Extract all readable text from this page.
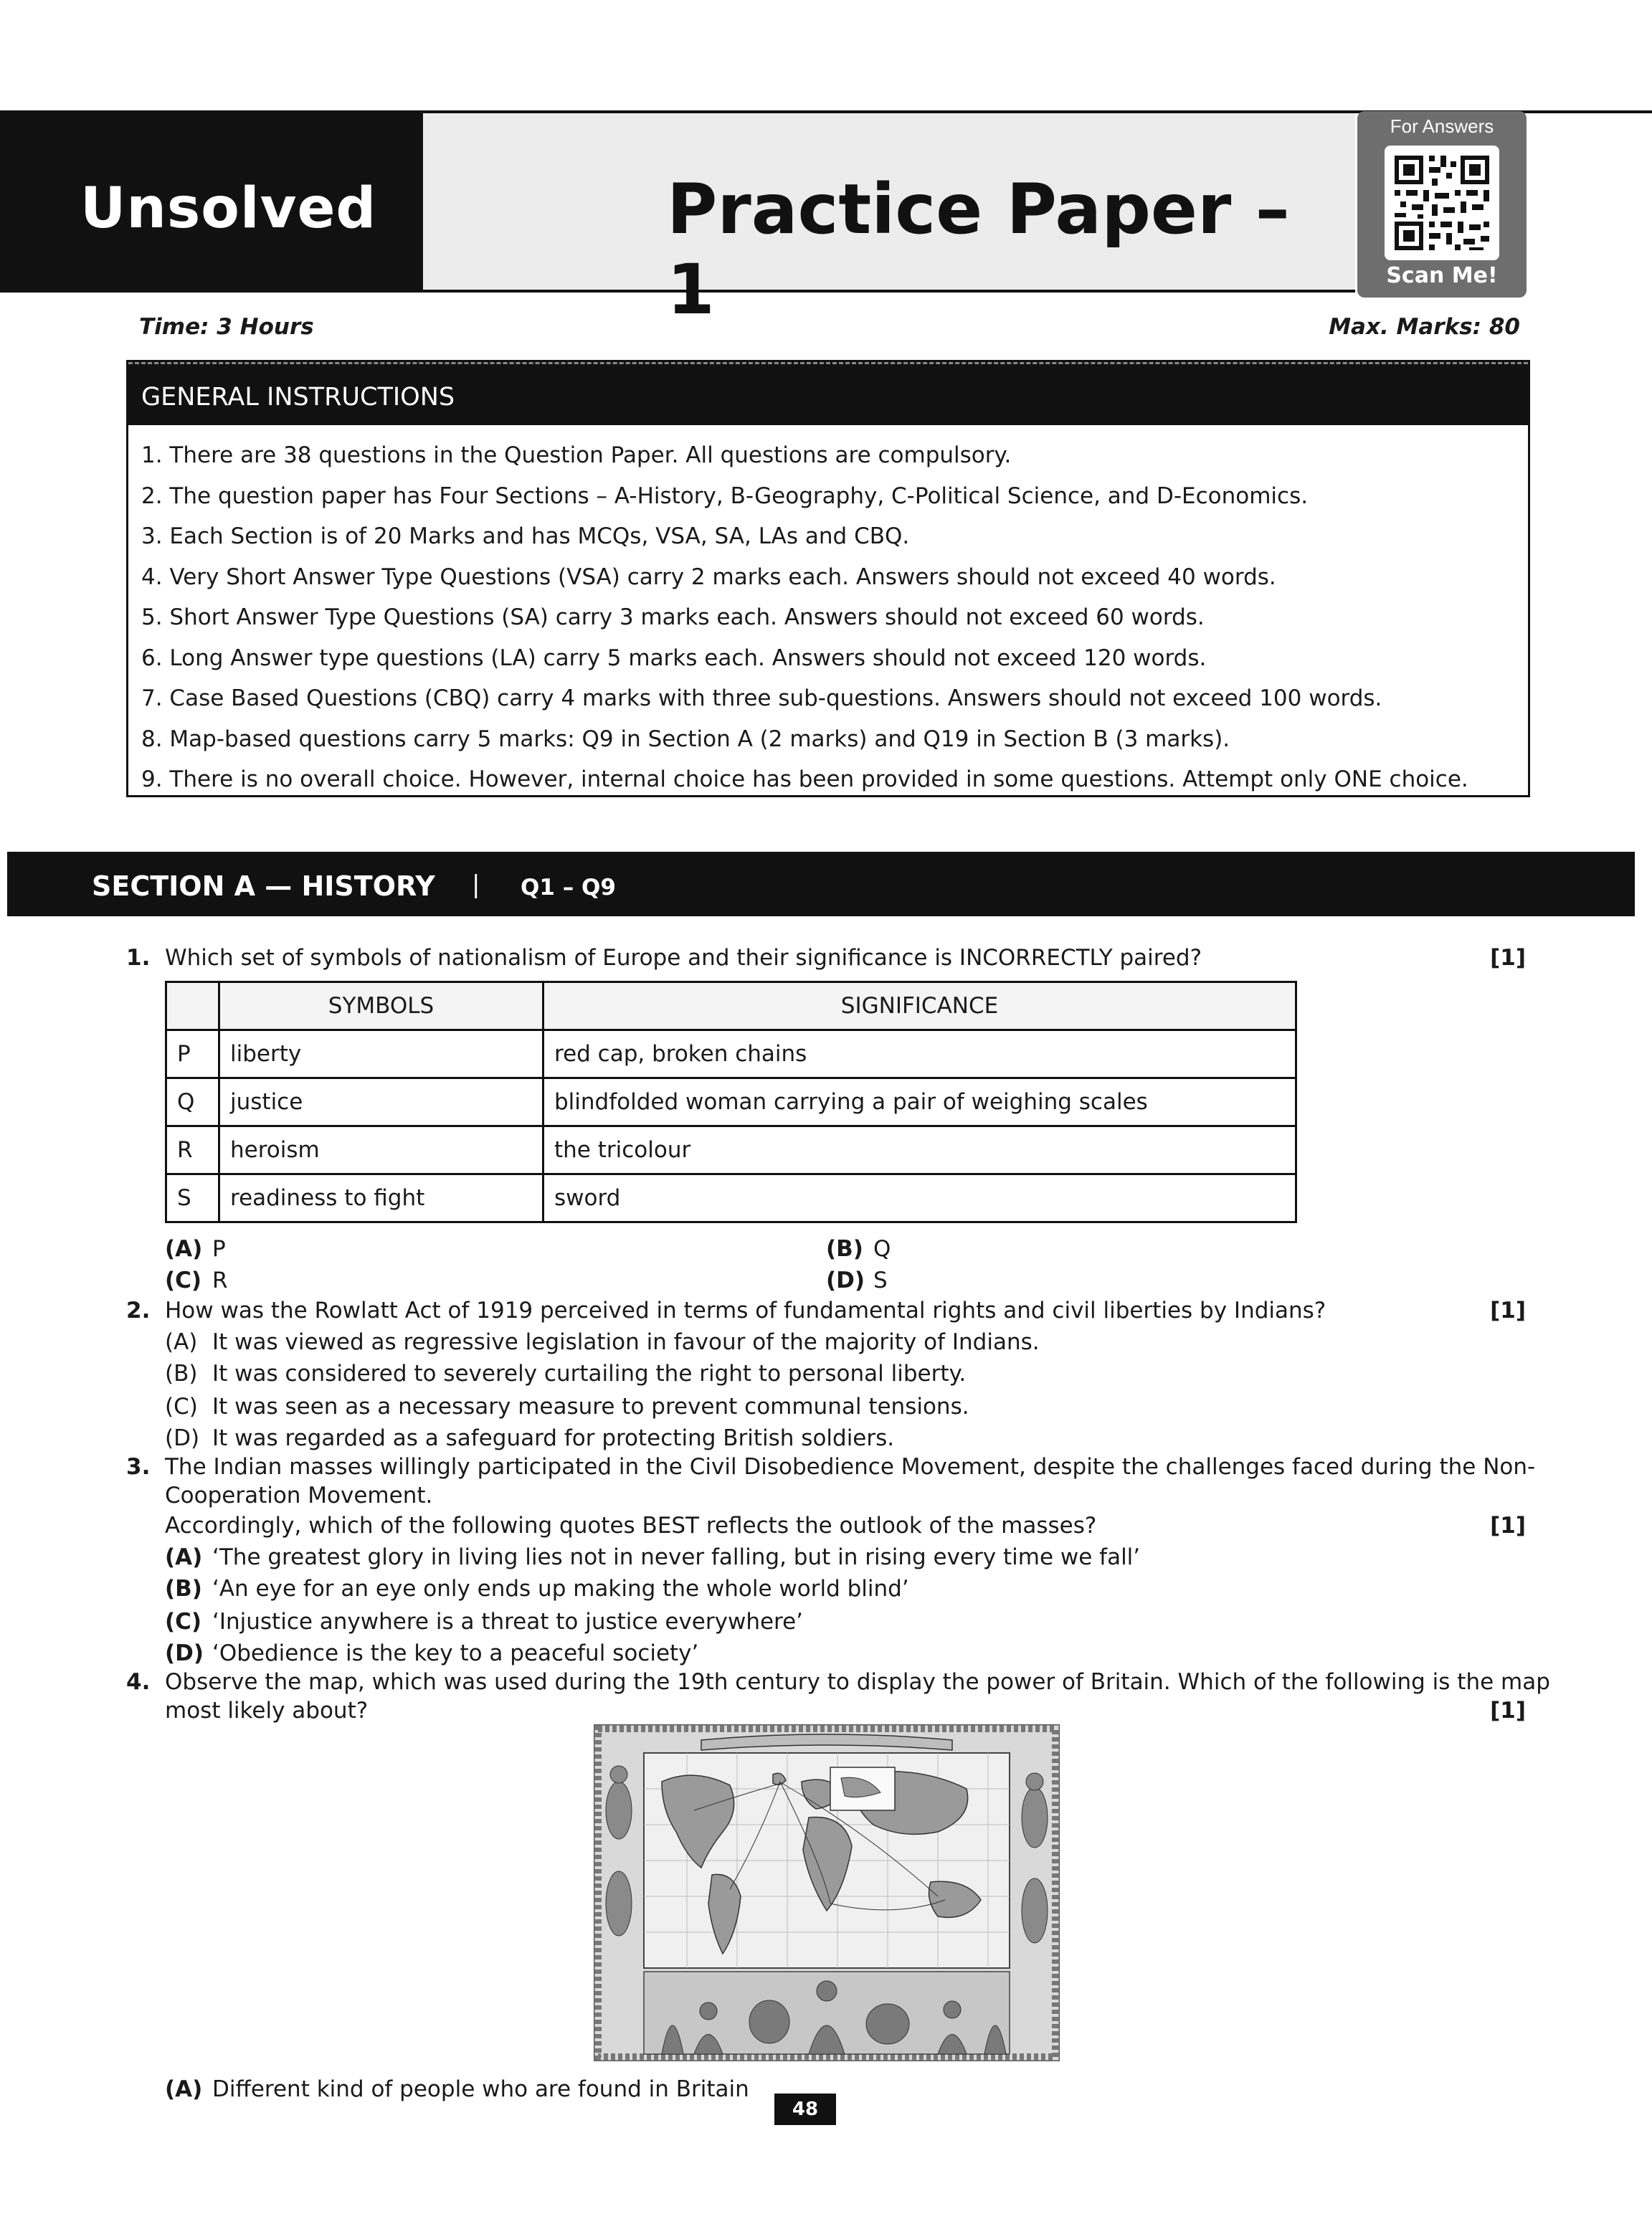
Unsolved	Practice Paper – 1
For Answers
Scan Me!
Time: 3 Hours	Max. Marks: 80
GENERAL INSTRUCTIONS
1. There are 38 questions in the Question Paper. All questions are compulsory.
2. The question paper has Four Sections – A-History, B-Geography, C-Political Science, and D-Economics.
3. Each Section is of 20 Marks and has MCQs, VSA, SA, LAs and CBQ.
4. Very Short Answer Type Questions (VSA) carry 2 marks each. Answers should not exceed 40 words.
5. Short Answer Type Questions (SA) carry 3 marks each. Answers should not exceed 60 words.
6. Long Answer type questions (LA) carry 5 marks each. Answers should not exceed 120 words.
7. Case Based Questions (CBQ) carry 4 marks with three sub-questions. Answers should not exceed 100 words.
8. Map-based questions carry 5 marks: Q9 in Section A (2 marks) and Q19 in Section B (3 marks).
9. There is no overall choice. However, internal choice has been provided in some questions. Attempt only ONE choice.
SECTION A — HISTORY | Q1 – Q9
1. Which set of symbols of nationalism of Europe and their significance is INCORRECTLY paired?	[1]
	SYMBOLS	SIGNIFICANCE
P	liberty	red cap, broken chains
Q	justice	blindfolded woman carrying a pair of weighing scales
R	heroism	the tricolour
S	readiness to fight	sword
(A) P	(B) Q
(C) R	(D) S
2. How was the Rowlatt Act of 1919 perceived in terms of fundamental rights and civil liberties by Indians?	[1]
(A) It was viewed as regressive legislation in favour of the majority of Indians.
(B) It was considered to severely curtailing the right to personal liberty.
(C) It was seen as a necessary measure to prevent communal tensions.
(D) It was regarded as a safeguard for protecting British soldiers.
3. The Indian masses willingly participated in the Civil Disobedience Movement, despite the challenges faced during the Non-
Cooperation Movement.
Accordingly, which of the following quotes BEST reflects the outlook of the masses?	[1]
(A) ‘The greatest glory in living lies not in never falling, but in rising every time we fall’
(B) ‘An eye for an eye only ends up making the whole world blind’
(C) ‘Injustice anywhere is a threat to justice everywhere’
(D) ‘Obedience is the key to a peaceful society’
4. Observe the map, which was used during the 19th century to display the power of Britain. Which of the following is the map
most likely about?	[1]
(A) Different kind of people who are found in Britain
48
